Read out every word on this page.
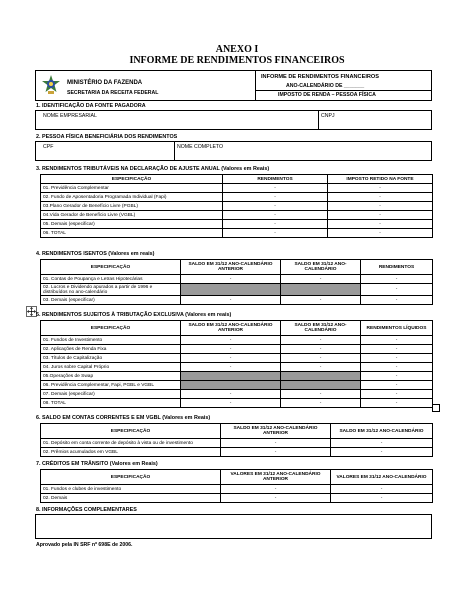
ANEXO I
INFORME DE RENDIMENTOS FINANCEIROS
MINISTÉRIO DA FAZENDA
SECRETARIA DA RECEITA FEDERAL
INFORME DE RENDIMENTOS FINANCEIROS
ANO-CALENDÁRIO DE _______
IMPOSTO DE RENDA – PESSOA FÍSICA
1. IDENTIFICAÇÃO DA FONTE PAGADORA
NOME EMPRESARIAL	CNPJ
2. PESSOA FÍSICA BENEFICIÁRIA DOS RENDIMENTOS
CPF	NOME COMPLETO
3. RENDIMENTOS TRIBUTÁVEIS NA DECLARAÇÃO DE AJUSTE ANUAL (Valores em Reais)
ESPECIFICAÇÃO	RENDIMENTOS	IMPOSTO RETIDO NA FONTE
01. Previdência Complementar	-	-
02. Fundo de Aposentadoria Programada Individual (Fapi)	-	-
03.Plano Gerador de Benefício Livre (PGBL)	-	-
04.Vida Gerador de Benefício Livre (VGBL)	-	-
05. Demais (especificar)	-	-
06. TOTAL	-	-
4. RENDIMENTOS ISENTOS (Valores em reais)
ESPECIFICAÇÃO	SALDO EM 31/12 ANO-CALENDÁRIO ANTERIOR	SALDO EM 31/12 ANO-CALENDÁRIO	RENDIMENTOS
01. Contas de Poupança e Letras Hipotecárias	-	-	-
02. Lucros e Dividendo apurados a partir de 1996 e distribuídos no ano-calendário			-
03. Demais (especificar)	-	-	-
5. RENDIMENTOS SUJEITOS À TRIBUTAÇÃO EXCLUSIVA (Valores em reais)
ESPECIFICAÇÃO	SALDO EM 31/12 ANO-CALENDÁRIO ANTERIOR	SALDO EM 31/12 ANO-CALENDÁRIO	RENDIMENTOS LÍQUIDOS
01. Fundos de Investimento	-	-	-
02. Aplicações de Renda Fixa	-	-	-
03. Títulos de Capitalização	-	-	-
04. Juros sobre Capital Próprio	-	-	-
05.Operações de Swap			-
06. Previdência Complementar, Fapi, PGBL e VGBL			-
07. Demais (especificar)	-	-	-
08. TOTAL	-	-	-
6. SALDO EM CONTAS CORRENTES E EM VGBL (Valores em Reais)
ESPECIFICAÇÃO	SALDO EM 31/12 ANO-CALENDÁRIO ANTERIOR	SALDO EM 31/12 ANO-CALENDÁRIO
01. Depósito em conta corrente de depósito à vista ou de investimento	-	-
02. Prêmios acumulados em VGBL	-	-
7. CRÉDITOS EM TRÂNSITO (Valores em Reais)
ESPECIFICAÇÃO	VALORES EM 31/12 ANO-CALENDÁRIO ANTERIOR	VALORES EM 31/12 ANO-CALENDÁRIO
01. Fundos e clubes de investimento	-	-
02. Demais	-	-
8. INFORMAÇÕES COMPLEMENTARES
Aprovado pela IN SRF nº 698E de 2006.
